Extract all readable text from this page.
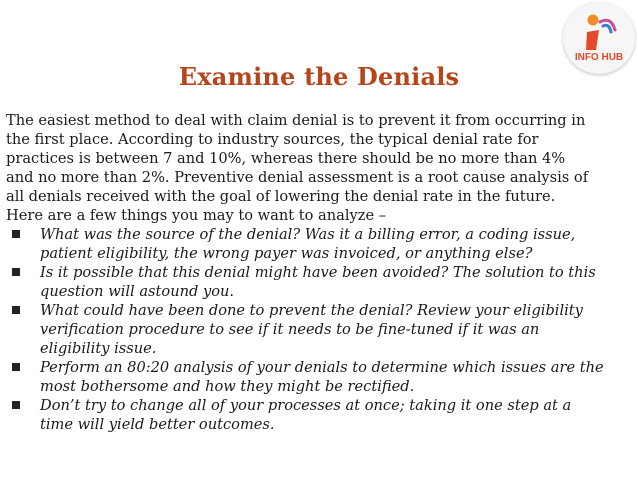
INFO HUB
Examine the Denials
The easiest method to deal with claim denial is to prevent it from occurring in
the first place. According to industry sources, the typical denial rate for
practices is between 7 and 10%, whereas there should be no more than 4%
and no more than 2%. Preventive denial assessment is a root cause analysis of
all denials received with the goal of lowering the denial rate in the future.
Here are a few things you may to want to analyze –
What was the source of the denial? Was it a billing error, a coding issue,
patient eligibility, the wrong payer was invoiced, or anything else?
Is it possible that this denial might have been avoided? The solution to this
question will astound you.
What could have been done to prevent the denial? Review your eligibility
verification procedure to see if it needs to be fine-tuned if it was an
eligibility issue.
Perform an 80:20 analysis of your denials to determine which issues are the
most bothersome and how they might be rectified.
Don’t try to change all of your processes at once; taking it one step at a
time will yield better outcomes.
